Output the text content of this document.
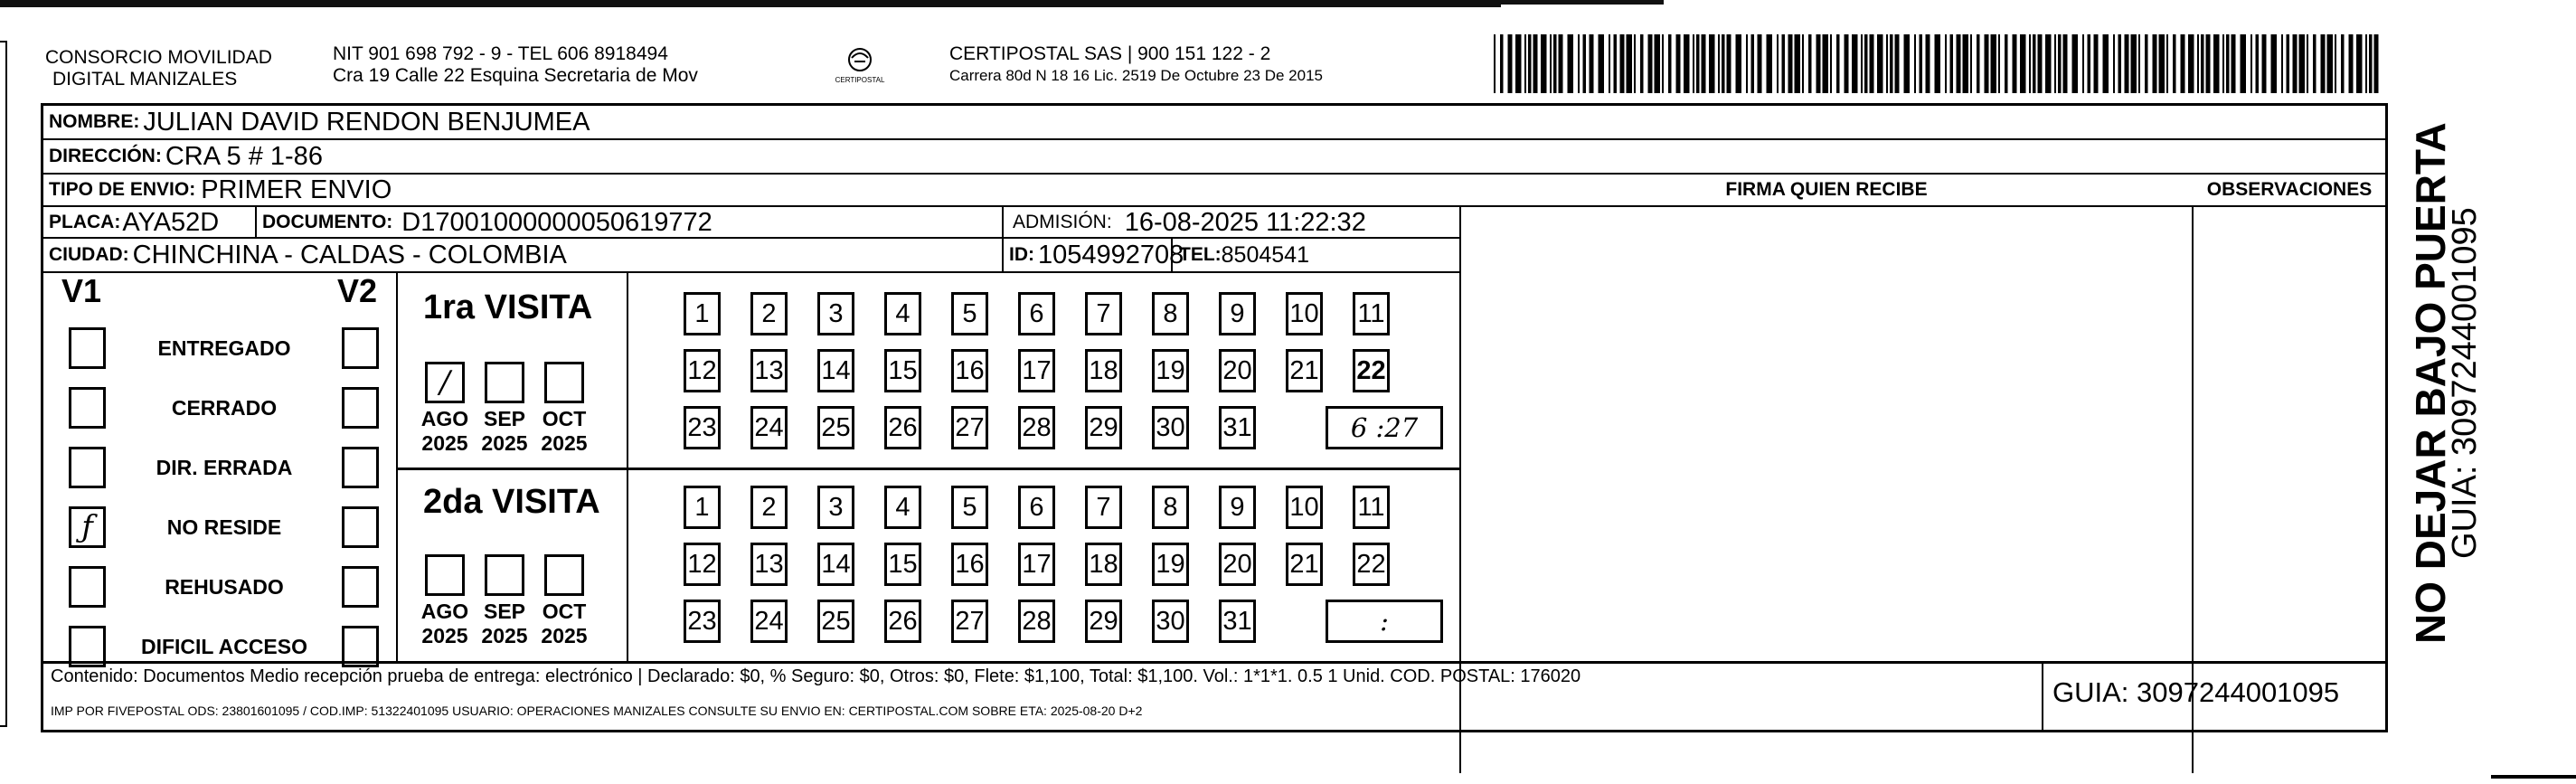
CONSORCIO MOVILIDAD
DIGITAL MANIZALES
NIT 901 698 792 - 9 - TEL 606 8918494
Cra 19 Calle 22 Esquina Secretaria de Mov	CERTIPOSTAL
CERTIPOSTAL SAS | 900 151 122 - 2
Carrera 80d N 18 16 Lic. 2519 De Octubre 23 De 2015
NOMBRE: JULIAN DAVID RENDON BENJUMEA
DIRECCIÓN: CRA 5 # 1-86
TIPO DE ENVIO: PRIMER ENVIO	FIRMA QUIEN RECIBE	OBSERVACIONES
PLACA: AYA52D DOCUMENTO: D17001000000050619772	ADMISIÓN: 16-08-2025 11:22:32
CIUDAD: CHINCHINA - CALDAS - COLOMBIA	ID: 1054992708
TEL: 8504541
V1	V2
ENTREGADO
CERRADO
DIR. ERRADA
ƒ	NO RESIDE
REHUSADO
DIFICIL ACCESO
1ra VISITA
/
AGO
2025
SEP
2025
OCT
2025
1	2	3	4	5	6	7	8	9	10 11
12 13 14 15 16 17 18 19 20 21 22
23 24 25 26 27 28 29 30 31	6 :27
2da VISITA
AGO
2025
SEP
2025
OCT
2025
1	2	3	4	5	6	7	8	9	10 11
12 13 14 15 16 17 18 19 20 21 22
23 24 25 26 27 28 29 30 31	:
Contenido: Documentos Medio recepción prueba de entrega: electrónico | Declarado: $0, % Seguro: $0, Otros: $0, Flete: $1,100, Total: $1,100. Vol.: 1*1*1. 0.5 1 Unid. COD. POSTAL: 176020
IMP POR FIVEPOSTAL ODS: 23801601095 / COD.IMP: 51322401095 USUARIO: OPERACIONES MANIZALES CONSULTE SU ENVIO EN: CERTIPOSTAL.COM SOBRE ETA: 2025-08-20 D+2
GUIA: 3097244001095
NO DEJAR BAJO PUERTA
GUIA: 3097244001095
